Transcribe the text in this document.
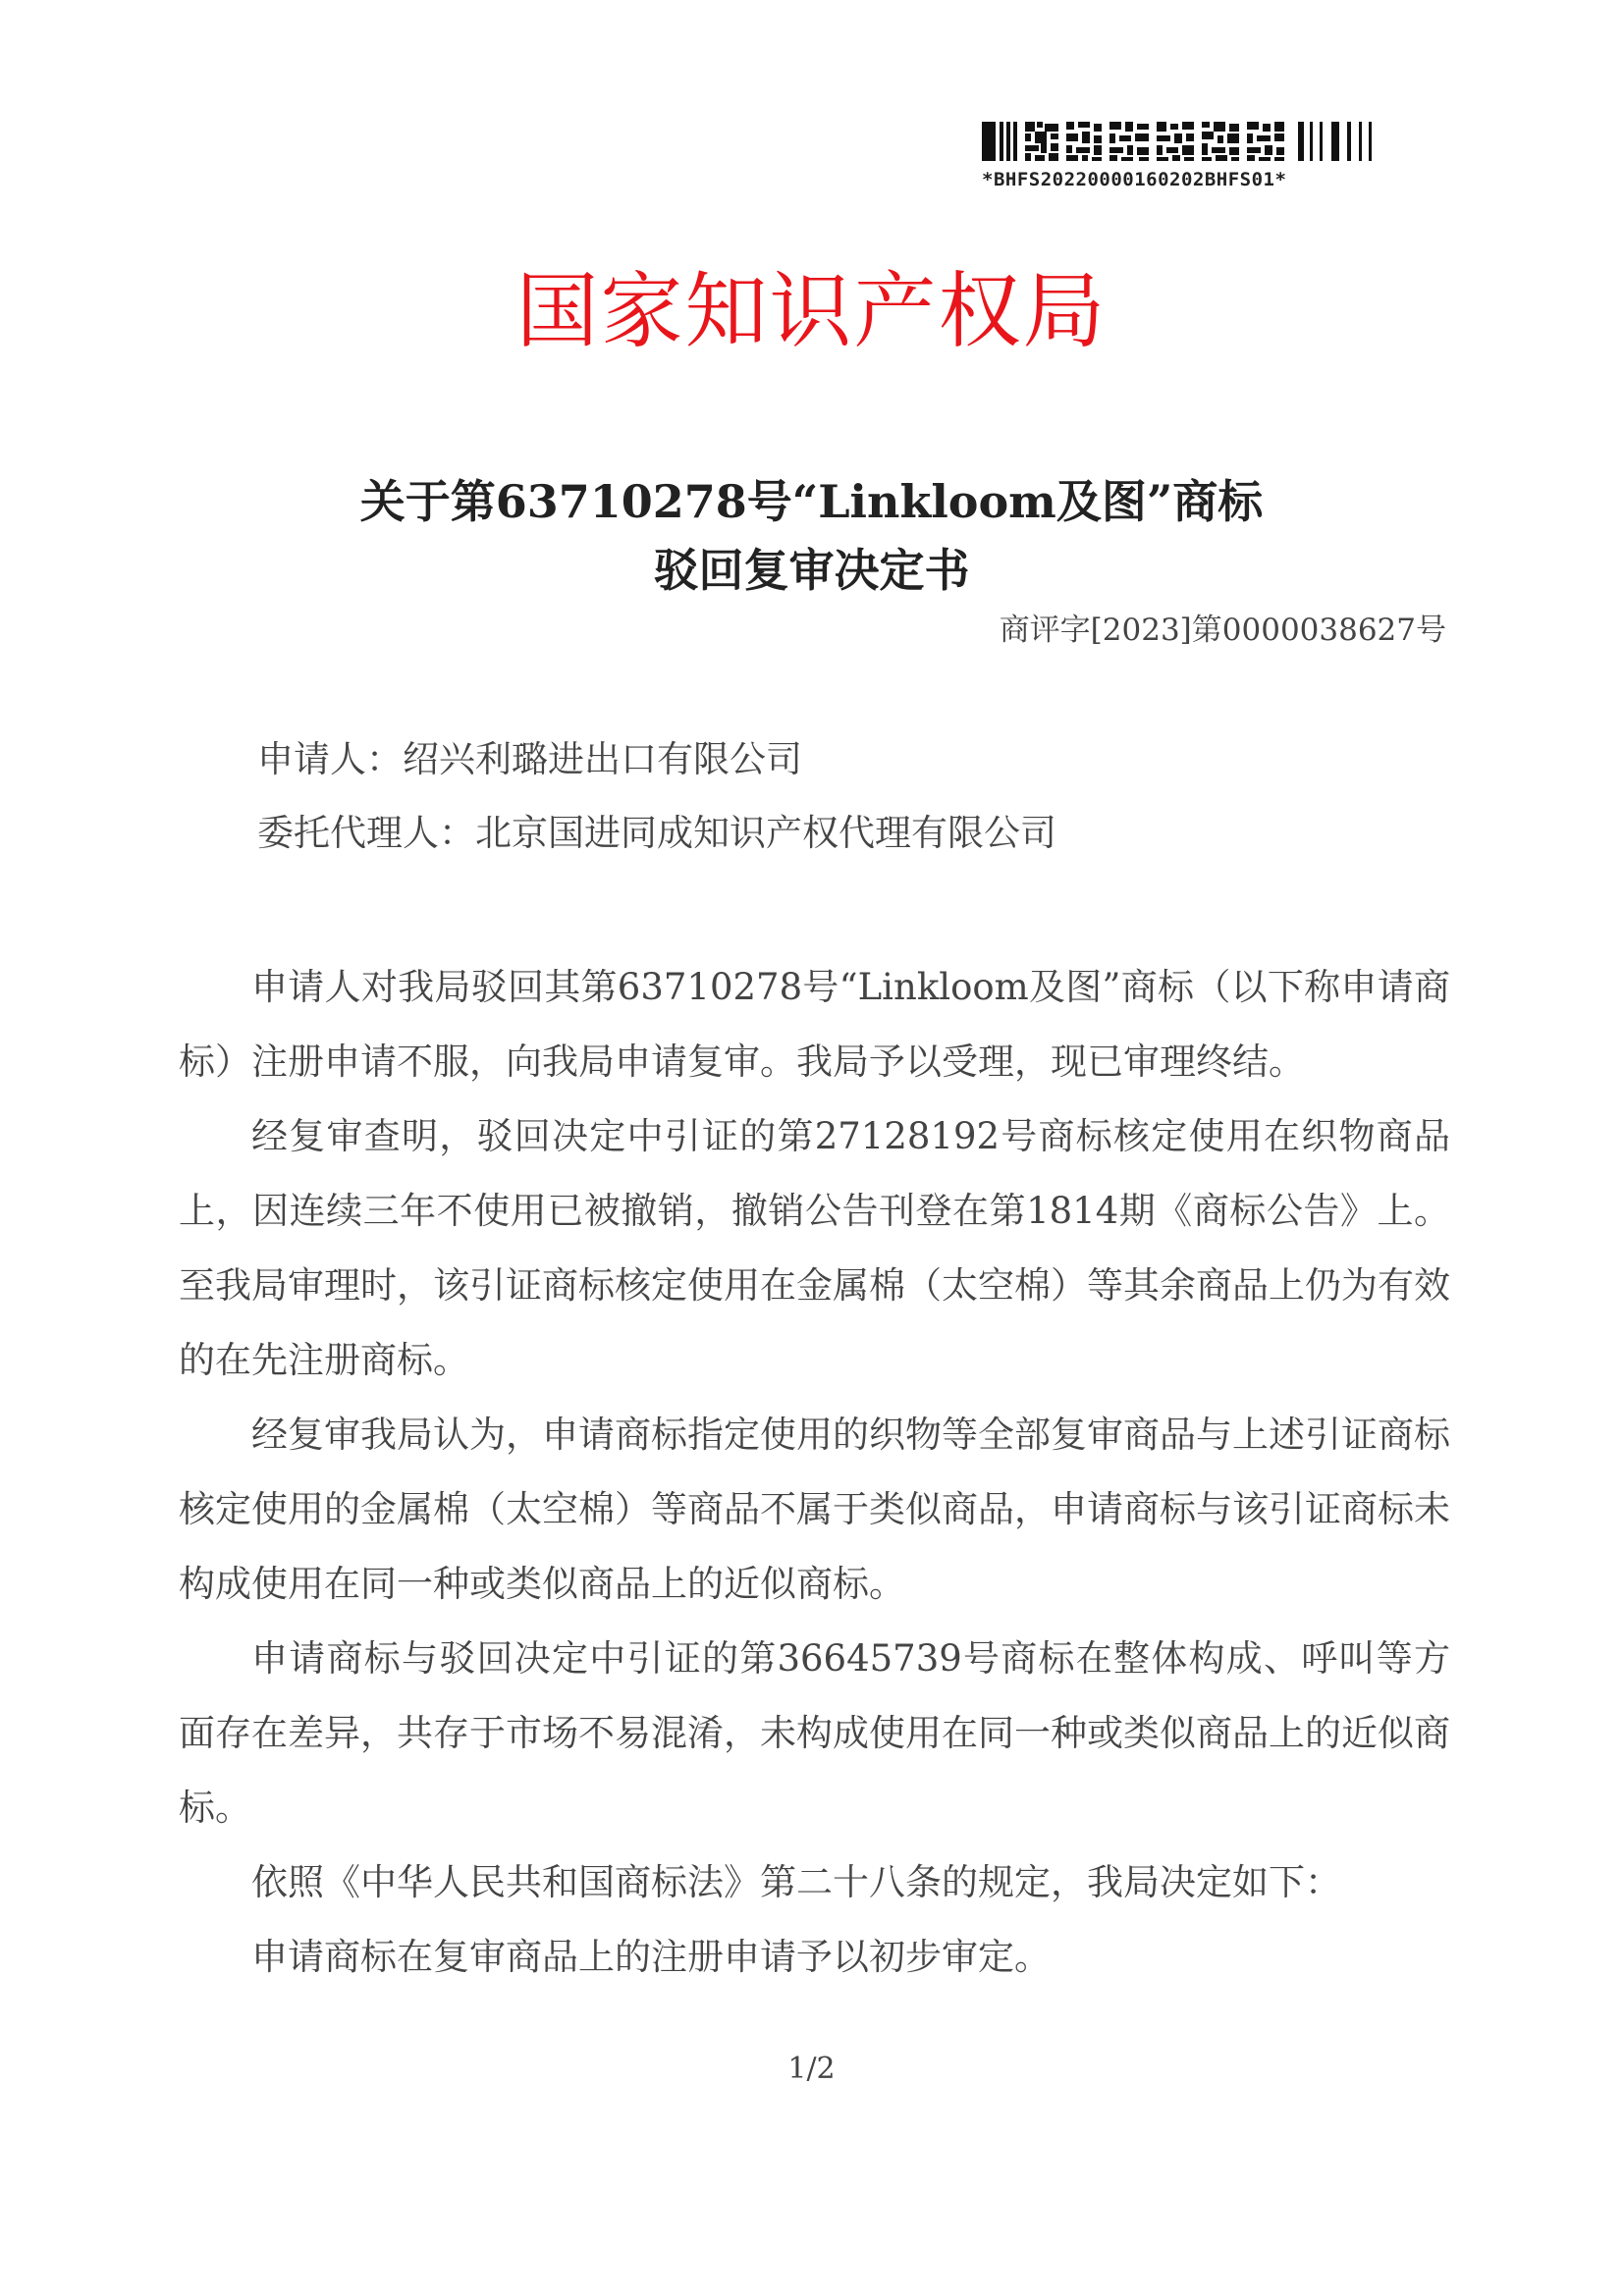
*BHFS20220000160202BHFS01*
国家知识产权局
关于第63710278号“Linkloom及图”商标
驳回复审决定书
商评字[2023]第0000038627号
申请人：绍兴利璐进出口有限公司
委托代理人：北京国进同成知识产权代理有限公司

申请人对我局驳回其第63710278号“Linkloom及图”商标（以下称申请商标）注册申请不服，向我局申请复审。我局予以受理，现已审理终结。

经复审查明，驳回决定中引证的第27128192号商标核定使用在织物商品上，因连续三年不使用已被撤销，撤销公告刊登在第1814期《商标公告》上。至我局审理时，该引证商标核定使用在金属棉（太空棉）等其余商品上仍为有效的在先注册商标。

经复审我局认为，申请商标指定使用的织物等全部复审商品与上述引证商标核定使用的金属棉（太空棉）等商品不属于类似商品，申请商标与该引证商标未构成使用在同一种或类似商品上的近似商标。

申请商标与驳回决定中引证的第36645739号商标在整体构成、呼叫等方面存在差异，共存于市场不易混淆，未构成使用在同一种或类似商品上的近似商标。

依照《中华人民共和国商标法》第二十八条的规定，我局决定如下：

申请商标在复审商品上的注册申请予以初步审定。

1/2
